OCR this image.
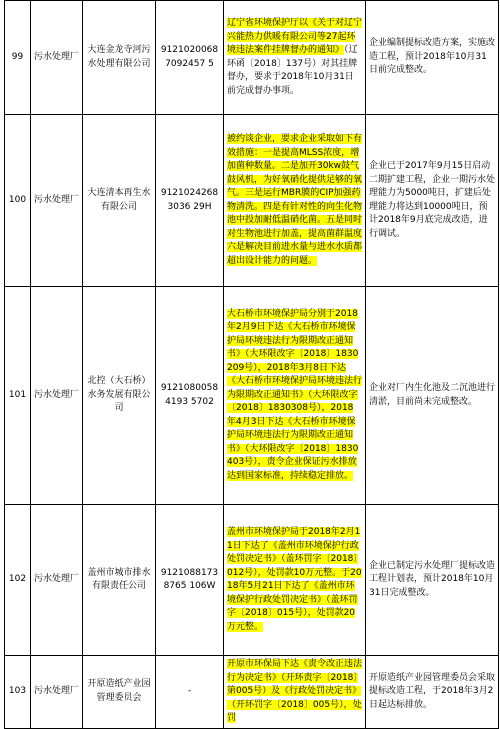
99	污水处理厂	大连金龙寺河污水处理有限公司	91210200687092457 5	辽宁省环境保护厅以《关于对辽宁兴能热力供暖有限公司等27起环境违法案件挂牌督办的通知》（辽环函〔2018〕137号）对其挂牌督办，要求于2018年10月31日前完成督办事项。	企业编制提标改造方案，实施改造工程，预计2018年10月31日前完成整改。
100	污水处理厂	大连清本再生水有限公司	91210242683036 29H	被约谈企业，要求企业采取如下有效措施：一是提高MLSS浓度，增加菌种数量。二是加开30kw鼓气鼓风机，为好氧硝化提供足够的氧气。三是运行MBR膜的CIP加强药物清洗。四是有针对性的向生化物池中投加耐低温硝化菌。五是同时对生物池进行加盖，提高菌群温度六是解决目前进水量与进水水质都超出设计能力的问题。	企业已于2017年9月15日启动二期扩建工程，企业一期污水处理能力为5000吨日，扩建后处理能力将达到10000吨日，预计2018年9月底完成改造，进行调试。
101	污水处理厂	北控（大石桥）水务发展有限公司	91210800584193 5702	大石桥市环境保护局分别于2018年2月9日下达《大石桥市环境保护局环境违法行为限期改正通知书》（大环限改字〔2018〕1830209号），2018年3月8日下达《大石桥市环境保护局环境违法行为限期改正通知书》（大环限改字〔2018〕1830308号），2018年4月3日下达《大石桥市环境保护局环境违法行为限期改正通知书》（大环限改字〔2018〕1830403号），责令企业保证污水排放达到国家标准，持续稳定排放。	企业对厂内生化池及二沉池进行清淤，目前尚未完成整改。
102	污水处理厂	盖州市城市排水有限责任公司	91210881738765 106W	盖州市环境保护局于2018年2月11日下达了《盖州市环境保护行政处罚决定书》（盖环罚字〔2018〕012号），处罚款10万元整。于2018年5月21日下达了《盖州市环境保护行政处罚决定书》（盖环罚字〔2018〕015号），处罚款20万元整。	企业已制定污水处理厂提标改造工程计划表，预计2018年10月31日完成整改。
103	污水处理厂	开原造纸产业园管理委员会	-	开原市环保局下达《责令改正违法行为决定书》（开环责字〔2018〕第005号）及《行政处罚决定书》（开环罚字〔2018〕005号），处罚	开原造纸产业园管理委员会采取提标改造工程，于2018年3月2日起达标排放。
